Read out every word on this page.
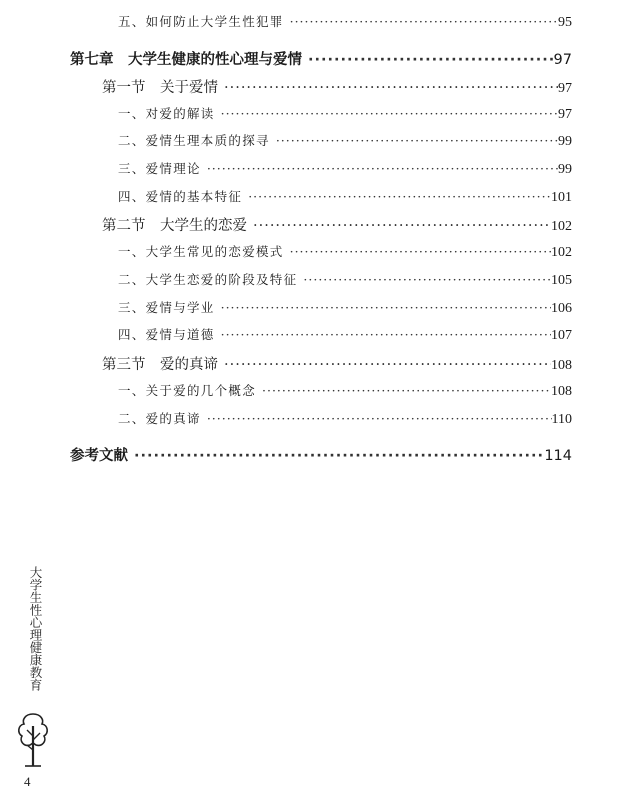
五、如何防止大学生性犯罪 ·····	95
第七章　大学生健康的性心理与爱情 ·····	97
第一节　关于爱情 ·····	97
一、对爱的解读 ·····	97
二、爱情生理本质的探寻 ·····	99
三、爱情理论 ·····	99
四、爱情的基本特征 ·····	101
第二节　大学生的恋爱 ·····	102
一、大学生常见的恋爱模式 ·····	102
二、大学生恋爱的阶段及特征 ·····	105
三、爱情与学业 ·····	106
四、爱情与道德 ·····	107
第三节　爱的真谛 ·····	108
一、关于爱的几个概念 ·····	108
二、爱的真谛 ·····	110
参考文献 ·····	114
大学生性心理健康教育
4
